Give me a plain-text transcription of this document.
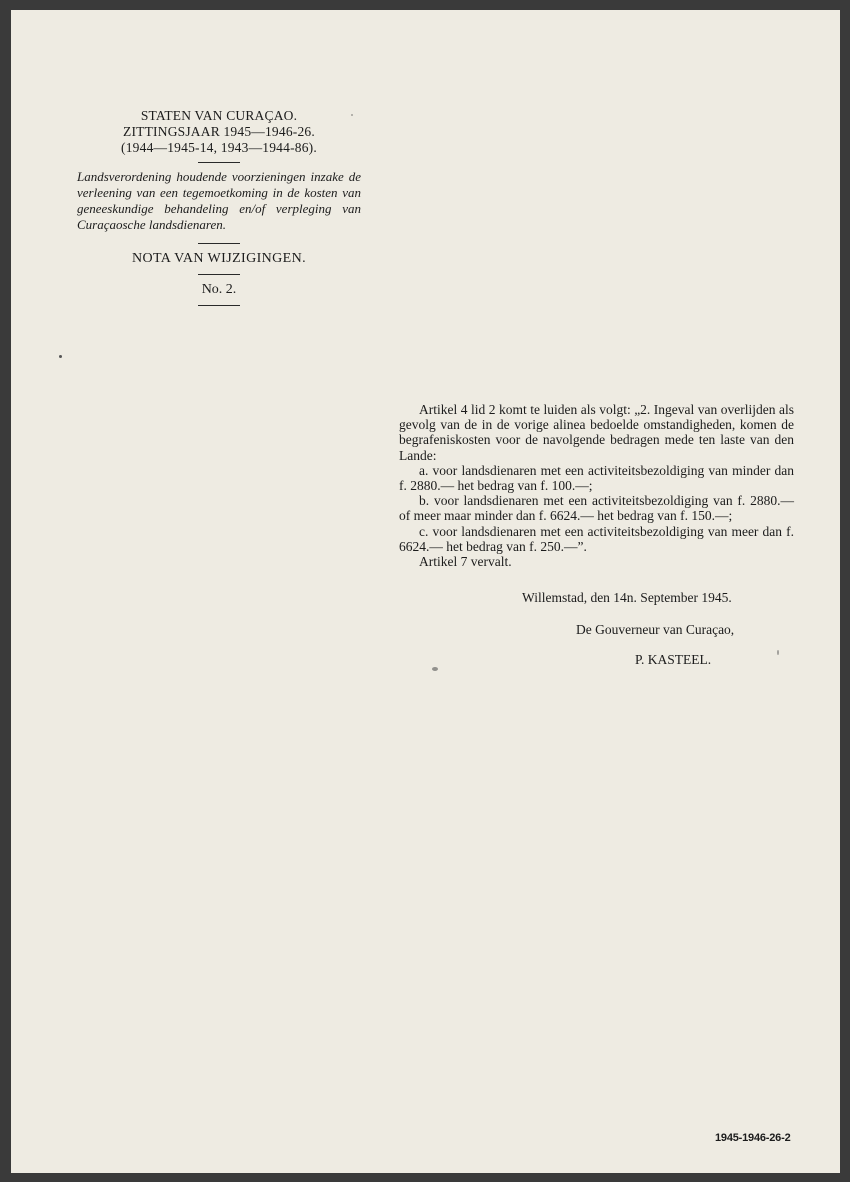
STATEN VAN CURAÇAO.
ZITTINGSJAAR 1945—1946-26.
(1944—1945-14, 1943—1944-86).
Landsverordening houdende voorzieningen inzake de verleening van een tegemoetkoming in de kosten van geneeskundige behandeling en/of verpleging van Curaçaosche landsdienaren.
NOTA VAN WIJZIGINGEN.
No. 2.

Artikel 4 lid 2 komt te luiden als volgt: „2. Ingeval van overlijden als gevolg van de in de vorige alinea bedoelde omstandigheden, komen de begrafeniskosten voor de navolgende bedragen mede ten laste van den Lande:

a. voor landsdienaren met een activiteitsbezoldiging van minder dan f. 2880.— het bedrag van f. 100.—;

b. voor landsdienaren met een activiteitsbezoldiging van f. 2880.— of meer maar minder dan f. 6624.— het bedrag van f. 150.—;

c. voor landsdienaren met een activiteitsbezoldiging van meer dan f. 6624.— het bedrag van f. 250.—”.

Artikel 7 vervalt.

Willemstad, den 14n. September 1945.
De Gouverneur van Curaçao,
P. KASTEEL.
1945-1946-26-2
